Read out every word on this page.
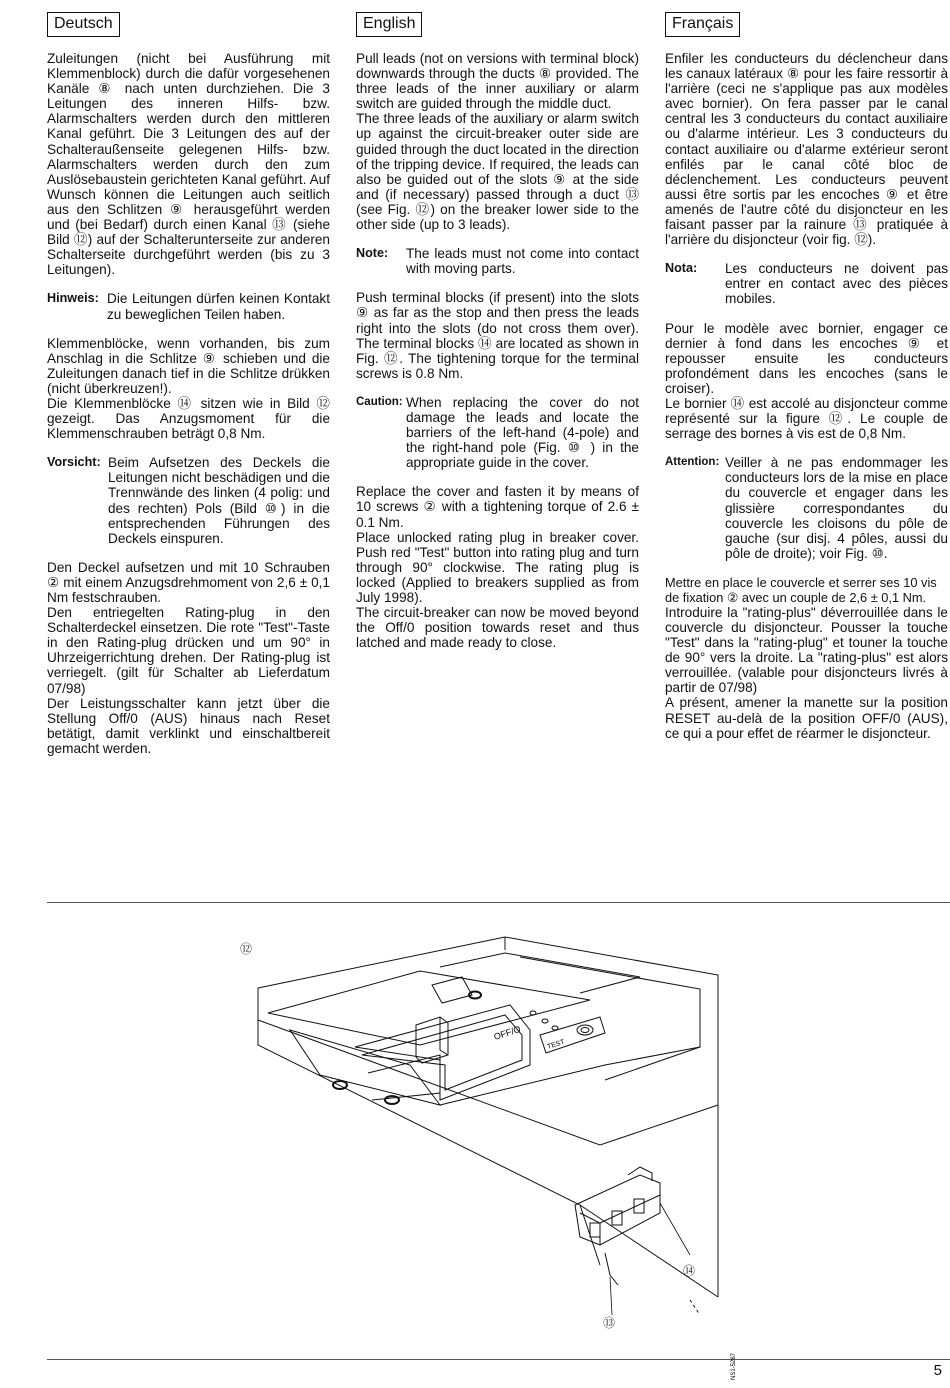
Deutsch

Zuleitungen (nicht bei Ausführung mit Klemmenblock) durch die dafür vorgesehenen Kanäle ⑧ nach unten durchziehen. Die 3 Leitungen des inneren Hilfs- bzw. Alarmschalters werden durch den mittleren Kanal geführt. Die 3 Leitungen des auf der Schalteraußenseite gelegenen Hilfs- bzw. Alarmschalters werden durch den zum Auslösebaustein gerichteten Kanal geführt. Auf Wunsch können die Leitungen auch seitlich aus den Schlitzen ⑨ herausgeführt werden und (bei Bedarf) durch einen Kanal ⑬ (siehe Bild ⑫) auf der Schalterunterseite zur anderen Schalterseite durchgeführt werden (bis zu 3 Leitungen).

Hinweis: Die Leitungen dürfen keinen Kontakt zu beweglichen Teilen haben.

Klemmenblöcke, wenn vorhanden, bis zum Anschlag in die Schlitze ⑨ schieben und die Zuleitungen danach tief in die Schlitze drükken (nicht überkreuzen!).

Die Klemmenblöcke ⑭ sitzen wie in Bild ⑫ gezeigt. Das Anzugsmoment für die Klemmenschrauben beträgt 0,8 Nm.

Vorsicht: Beim Aufsetzen des Deckels die Leitungen nicht beschädigen und die Trennwände des linken (4 polig: und des rechten) Pols (Bild ⑩) in die entsprechenden Führungen des Deckels einspuren.

Den Deckel aufsetzen und mit 10 Schrauben ② mit einem Anzugsdrehmoment von 2,6 ± 0,1 Nm festschrauben.

Den entriegelten Rating-plug in den Schalterdeckel einsetzen. Die rote "Test"-Taste in den Rating-plug drücken und um 90° in Uhrzeigerrichtung drehen. Der Rating-plug ist verriegelt. (gilt für Schalter ab Lieferdatum 07/98)

Der Leistungsschalter kann jetzt über die Stellung Off/0 (AUS) hinaus nach Reset betätigt, damit verklinkt und einschaltbereit gemacht werden.

English

Pull leads (not on versions with terminal block) downwards through the ducts ⑧ provided. The three leads of the inner auxiliary or alarm switch are guided through the middle duct.

The three leads of the auxiliary or alarm switch up against the circuit-breaker outer side are guided through the duct located in the direction of the tripping device. If required, the leads can also be guided out of the slots ⑨ at the side and (if necessary) passed through a duct ⑬ (see Fig. ⑫) on the breaker lower side to the other side (up to 3 leads).

Note:	The leads must not come into contact with moving parts.

Push terminal blocks (if present) into the slots ⑨ as far as the stop and then press the leads right into the slots (do not cross them over). The terminal blocks ⑭ are located as shown in Fig. ⑫. The tightening torque for the terminal screws is 0.8 Nm.

Caution: When replacing the cover do not damage the leads and locate the barriers of the left-hand (4-pole) and the right-hand pole (Fig. ⑩ ) in the appropriate guide in the cover.

Replace the cover and fasten it by means of 10 screws ② with a tightening torque of 2.6 ± 0.1 Nm.

Place unlocked rating plug in breaker cover. Push red "Test" button into rating plug and turn through 90° clockwise. The rating plug is locked (Applied to breakers supplied as from July 1998).

The circuit-breaker can now be moved beyond the Off/0 position towards reset and thus latched and made ready to close.

Français

Enfiler les conducteurs du déclencheur dans les canaux latéraux ⑧ pour les faire ressortir à l'arrière (ceci ne s'applique pas aux modèles avec bornier). On fera passer par le canal central les 3 conducteurs du contact auxiliaire ou d'alarme intérieur. Les 3 conducteurs du contact auxiliaire ou d'alarme extérieur seront enfilés par le canal côté bloc de déclenchement. Les conducteurs peuvent aussi être sortis par les encoches ⑨ et être amenés de l'autre côté du disjoncteur en les faisant passer par la rainure ⑬ pratiquée à l'arrière du disjoncteur (voir fig. ⑫).

Nota:	Les conducteurs ne doivent pas entrer en contact avec des pièces mobiles.

Pour le modèle avec bornier, engager ce dernier à fond dans les encoches ⑨ et repousser ensuite les conducteurs profondément dans les encoches (sans le croiser).

Le bornier ⑭ est accolé au disjoncteur comme représenté sur la figure ⑫. Le couple de serrage des bornes à vis est de 0,8 Nm.

Attention: Veiller à ne pas endommager les conducteurs lors de la mise en place du couvercle et engager dans les glissière correspondantes du couvercle les cloisons du pôle de gauche (sur disj. 4 pôles, aussi du pôle de droite); voir Fig. ⑩.

Mettre en place le couvercle et serrer ses 10 vis de fixation ② avec un couple de 2,6 ± 0,1 Nm.

Introduire la "rating-plus" déverrouillée dans le couvercle du disjoncteur. Pousser la touche "Test" dans la "rating-plug" et touner la touche de 90° vers la droite. La "rating-plus" est alors verrouillée. (valable pour disjoncteurs livrés à partir de 07/98)

A présent, amener la manette sur la position RESET au-delà de la position OFF/0 (AUS), ce qui a pour effet de réarmer le disjoncteur.

OFF/O
TEST
NS1-5267
⑫
⑭
⑬
5
